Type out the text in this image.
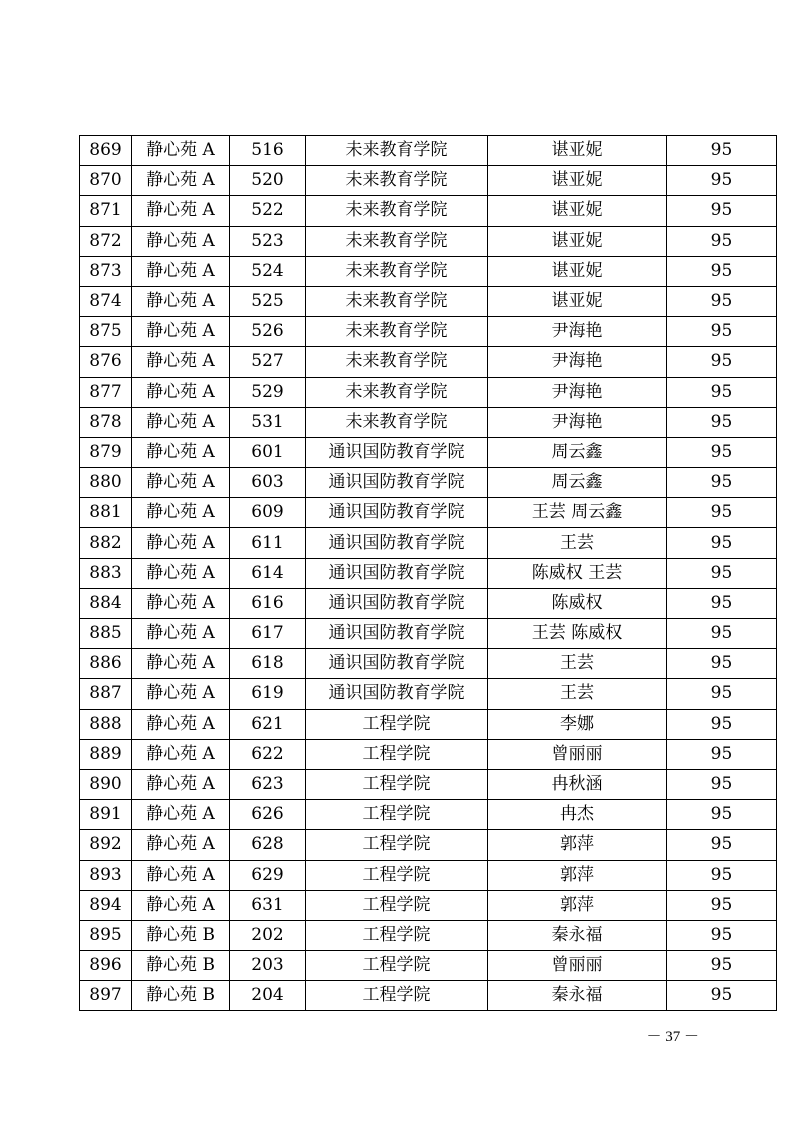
869	静心苑 A	516	未来教育学院	谌亚妮	95
870	静心苑 A	520	未来教育学院	谌亚妮	95
871	静心苑 A	522	未来教育学院	谌亚妮	95
872	静心苑 A	523	未来教育学院	谌亚妮	95
873	静心苑 A	524	未来教育学院	谌亚妮	95
874	静心苑 A	525	未来教育学院	谌亚妮	95
875	静心苑 A	526	未来教育学院	尹海艳	95
876	静心苑 A	527	未来教育学院	尹海艳	95
877	静心苑 A	529	未来教育学院	尹海艳	95
878	静心苑 A	531	未来教育学院	尹海艳	95
879	静心苑 A	601	通识国防教育学院	周云鑫	95
880	静心苑 A	603	通识国防教育学院	周云鑫	95
881	静心苑 A	609	通识国防教育学院	王芸 周云鑫	95
882	静心苑 A	611	通识国防教育学院	王芸	95
883	静心苑 A	614	通识国防教育学院	陈威权 王芸	95
884	静心苑 A	616	通识国防教育学院	陈威权	95
885	静心苑 A	617	通识国防教育学院	王芸 陈威权	95
886	静心苑 A	618	通识国防教育学院	王芸	95
887	静心苑 A	619	通识国防教育学院	王芸	95
888	静心苑 A	621	工程学院	李娜	95
889	静心苑 A	622	工程学院	曾丽丽	95
890	静心苑 A	623	工程学院	冉秋涵	95
891	静心苑 A	626	工程学院	冉杰	95
892	静心苑 A	628	工程学院	郭萍	95
893	静心苑 A	629	工程学院	郭萍	95
894	静心苑 A	631	工程学院	郭萍	95
895	静心苑 B	202	工程学院	秦永福	95
896	静心苑 B	203	工程学院	曾丽丽	95
897	静心苑 B	204	工程学院	秦永福	95
－ 37 －
